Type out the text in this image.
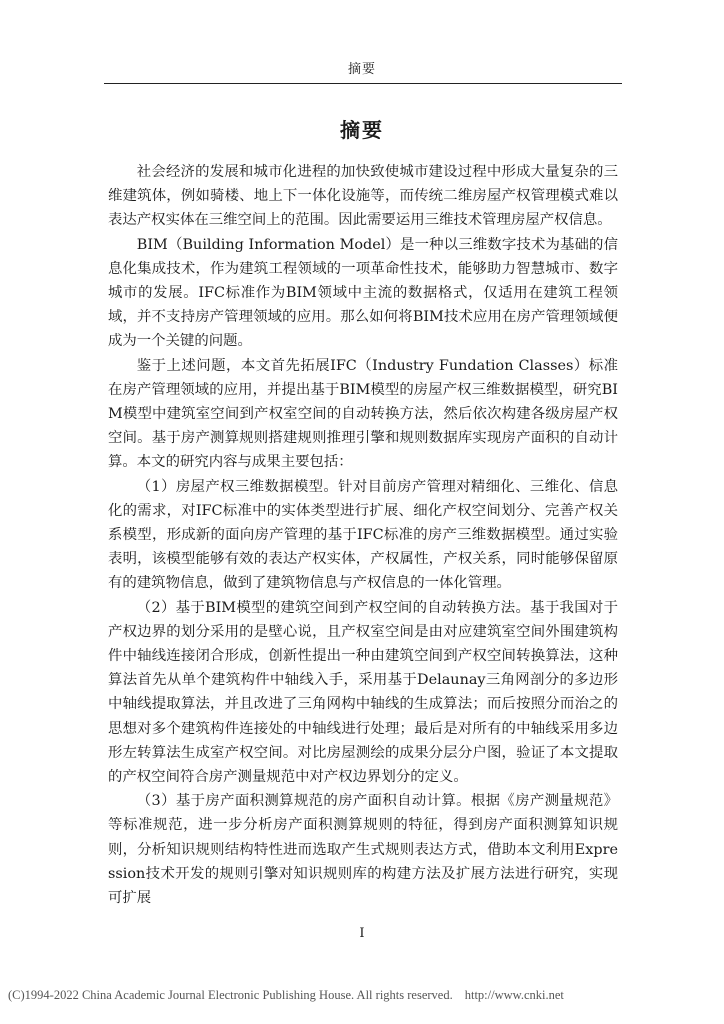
摘要
摘要

社会经济的发展和城市化进程的加快致使城市建设过程中形成大量复杂的三维建筑体，例如骑楼、地上下一体化设施等，而传统二维房屋产权管理模式难以表达产权实体在三维空间上的范围。因此需要运用三维技术管理房屋产权信息。

BIM（Building Information Model）是一种以三维数字技术为基础的信息化集成技术，作为建筑工程领域的一项革命性技术，能够助力智慧城市、数字城市的发展。IFC标准作为BIM领域中主流的数据格式，仅适用在建筑工程领域，并不支持房产管理领域的应用。那么如何将BIM技术应用在房产管理领域便成为一个关键的问题。

鉴于上述问题，本文首先拓展IFC（Industry Fundation Classes）标准在房产管理领域的应用，并提出基于BIM模型的房屋产权三维数据模型，研究BIM模型中建筑室空间到产权室空间的自动转换方法，然后依次构建各级房屋产权空间。基于房产测算规则搭建规则推理引擎和规则数据库实现房产面积的自动计算。本文的研究内容与成果主要包括：

（1）房屋产权三维数据模型。针对目前房产管理对精细化、三维化、信息化的需求，对IFC标准中的实体类型进行扩展、细化产权空间划分、完善产权关系模型，形成新的面向房产管理的基于IFC标准的房产三维数据模型。通过实验表明，该模型能够有效的表达产权实体，产权属性，产权关系，同时能够保留原有的建筑物信息，做到了建筑物信息与产权信息的一体化管理。

（2）基于BIM模型的建筑空间到产权空间的自动转换方法。基于我国对于产权边界的划分采用的是壁心说，且产权室空间是由对应建筑室空间外围建筑构件中轴线连接闭合形成，创新性提出一种由建筑空间到产权空间转换算法，这种算法首先从单个建筑构件中轴线入手，采用基于Delaunay三角网剖分的多边形中轴线提取算法，并且改进了三角网构中轴线的生成算法；而后按照分而治之的思想对多个建筑构件连接处的中轴线进行处理；最后是对所有的中轴线采用多边形左转算法生成室产权空间。对比房屋测绘的成果分层分户图，验证了本文提取的产权空间符合房产测量规范中对产权边界划分的定义。

（3）基于房产面积测算规范的房产面积自动计算。根据《房产测量规范》等标准规范，进一步分析房产面积测算规则的特征，得到房产面积测算知识规则，分析知识规则结构特性进而选取产生式规则表达方式，借助本文利用Expression技术开发的规则引擎对知识规则库的构建方法及扩展方法进行研究，实现可扩展

I
(C)1994-2022 China Academic Journal Electronic Publishing House. All rights reserved. http://www.cnki.net
